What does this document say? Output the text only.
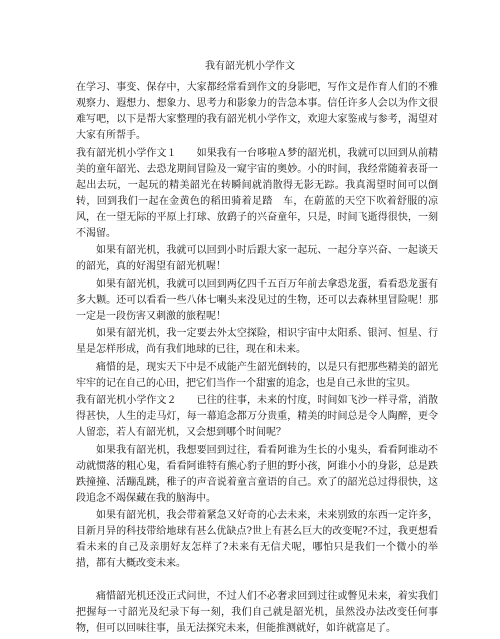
我有韶光机小学作文

在学习、事变、保存中，大家都经常看到作文的身影吧，写作文是作育人们的不雅观察力、遐想力、想象力、思考力和影象力的告急本事。信任许多人会以为作文很难写吧，以下是帮大家整理的我有韶光机小学作文，欢迎大家鉴戒与参考，渴望对大家有所帮手。

我有韶光机小学作文１　　如果我有一台哆啦Ａ梦的韶光机，我就可以回到从前精美的童年韶光、去恐龙期间冒险及一窥宇宙的奥妙。小的时间，我经常随着表哥一起出去玩，一起玩的精美韶光在转瞬间就消散得无影无踪。我真渴望时间可以倒转，回到我们一起在金黄色的稻田骑着足踏　车，在蔚蓝的天空下吹着舒服的凉风，在一望无际的平原上打球、放鹞子的兴奋童年，只是，时间飞逝得很快，一刻不渴留。

如果有韶光机，我就可以回到小时后跟大家一起玩、一起分享兴奋、一起谈天的韶光，真的好渴望有韶光机喔！

如果有韶光机，我就可以回到两亿四千五百万年前去拿恐龙蛋，看看恐龙蛋有多大颗。还可以看看一些八体七喇头来没见过的生物，还可以去森林里冒险呢！那一定是一段伤害又刺激的旅程呢！

如果有韶光机，我一定要去外太空探险，相识宇宙中太阳系、银河、恒星、行星是怎样形成，尚有我们地球的已往，现在和未来。

痛惜的是，现实天下中是不成能产生韶光倒转的，以是只有把那些精美的韶光牢牢的记在自己的心田，把它们当作一个甜蜜的追念，也是自己永世的宝贝。

我有韶光机小学作文２　　已往的往事，未来的忖度，时间如飞沙一样寻常，消散得甚快，人生的走马灯，每一幕追念都万分贵重，精美的时间总是令人陶醉，更令人留恋，若人有韶光机，又会想到哪个时间呢？

如果我有韶光机，我想要回到过往，看看阿谁为生长的小鬼头，看看阿谁动不动就惯落的粗心鬼，看看阿谁特有熊心豹子胆的野小孩，阿谁小小的身影，总是跌跌撞撞、活蹦乱跳，稚子的声音说着童言童语的自己。欢了的韶光总过得很快，这段追念不竭保藏在我的脑海中。

如果有韶光机，我会带着紧急又好奇的心去未来，未来别致的东西一定许多，目新月异的科技带给地球有甚么优缺点?世上有甚么巨大的改变呢?不过，我更想看看未来的自己及亲朋好友怎样了?未来有无信犬呢，哪怕只是我们一个微小的举措，都有大概改变未来。

痛惜韶光机还没正式问世，不过人们不必奢求回到过往或瞥见未来，着实我们把握每一寸韶光及纪录下每一刻，我们自己就是韶光机，虽然没办法改变任何事物，但可以回味往事，虽无法探究未来，但能推测就好，如许就富足了。
